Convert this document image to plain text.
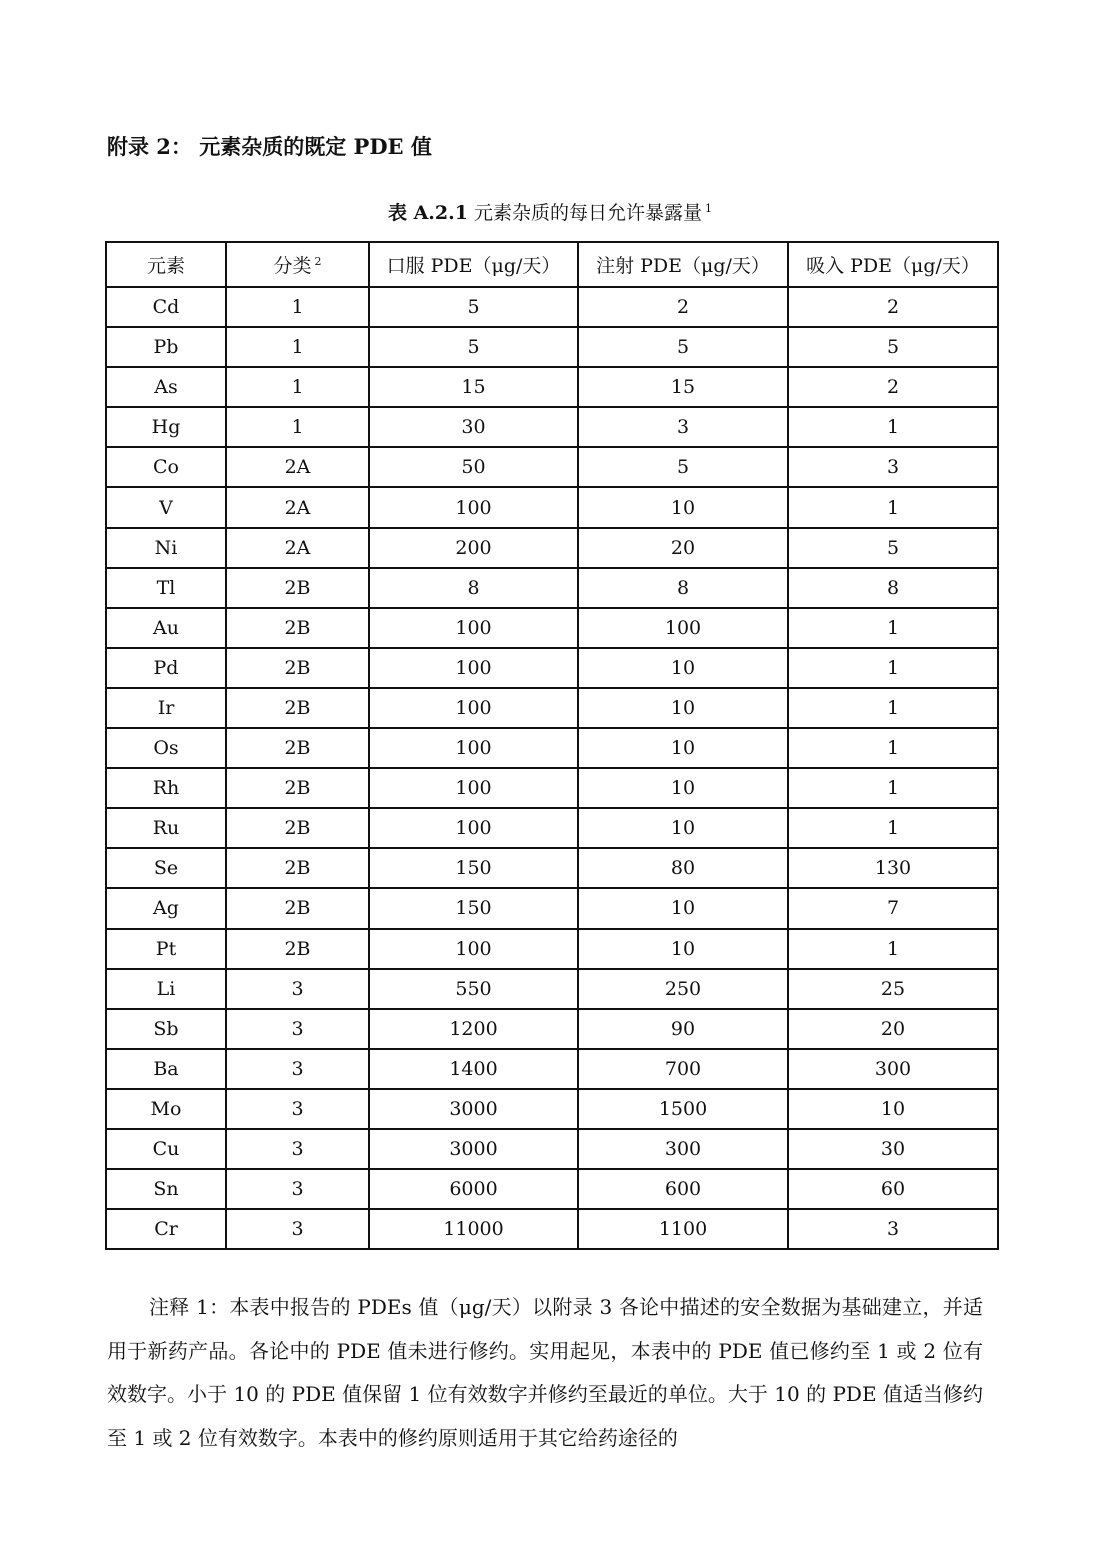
附录 2： 元素杂质的既定 PDE 值
表 A.2.1 元素杂质的每日允许暴露量 $^1$
元素	分类 $^2$	口服 PDE（μg/天）	注射 PDE（μg/天）	吸入 PDE（μg/天）
Cd	1	5	2	2
Pb	1	5	5	5
As	1	15	15	2
Hg	1	30	3	1
Co	2A	50	5	3
V	2A	100	10	1
Ni	2A	200	20	5
Tl	2B	8	8	8
Au	2B	100	100	1
Pd	2B	100	10	1
Ir	2B	100	10	1
Os	2B	100	10	1
Rh	2B	100	10	1
Ru	2B	100	10	1
Se	2B	150	80	130
Ag	2B	150	10	7
Pt	2B	100	10	1
Li	3	550	250	25
Sb	3	1200	90	20
Ba	3	1400	700	300
Mo	3	3000	1500	10
Cu	3	3000	300	30
Sn	3	6000	600	60
Cr	3	11000	1100	3

注释 1：本表中报告的 PDEs 值（μg/天）以附录 3 各论中描述的安全数据为基础建立，并适用于新药产品。各论中的 PDE 值未进行修约。实用起见，本表中的 PDE 值已修约至 1 或 2 位有效数字。小于 10 的 PDE 值保留 1 位有效数字并修约至最近的单位。大于 10 的 PDE 值适当修约至 1 或 2 位有效数字。本表中的修约原则适用于其它给药途径的
